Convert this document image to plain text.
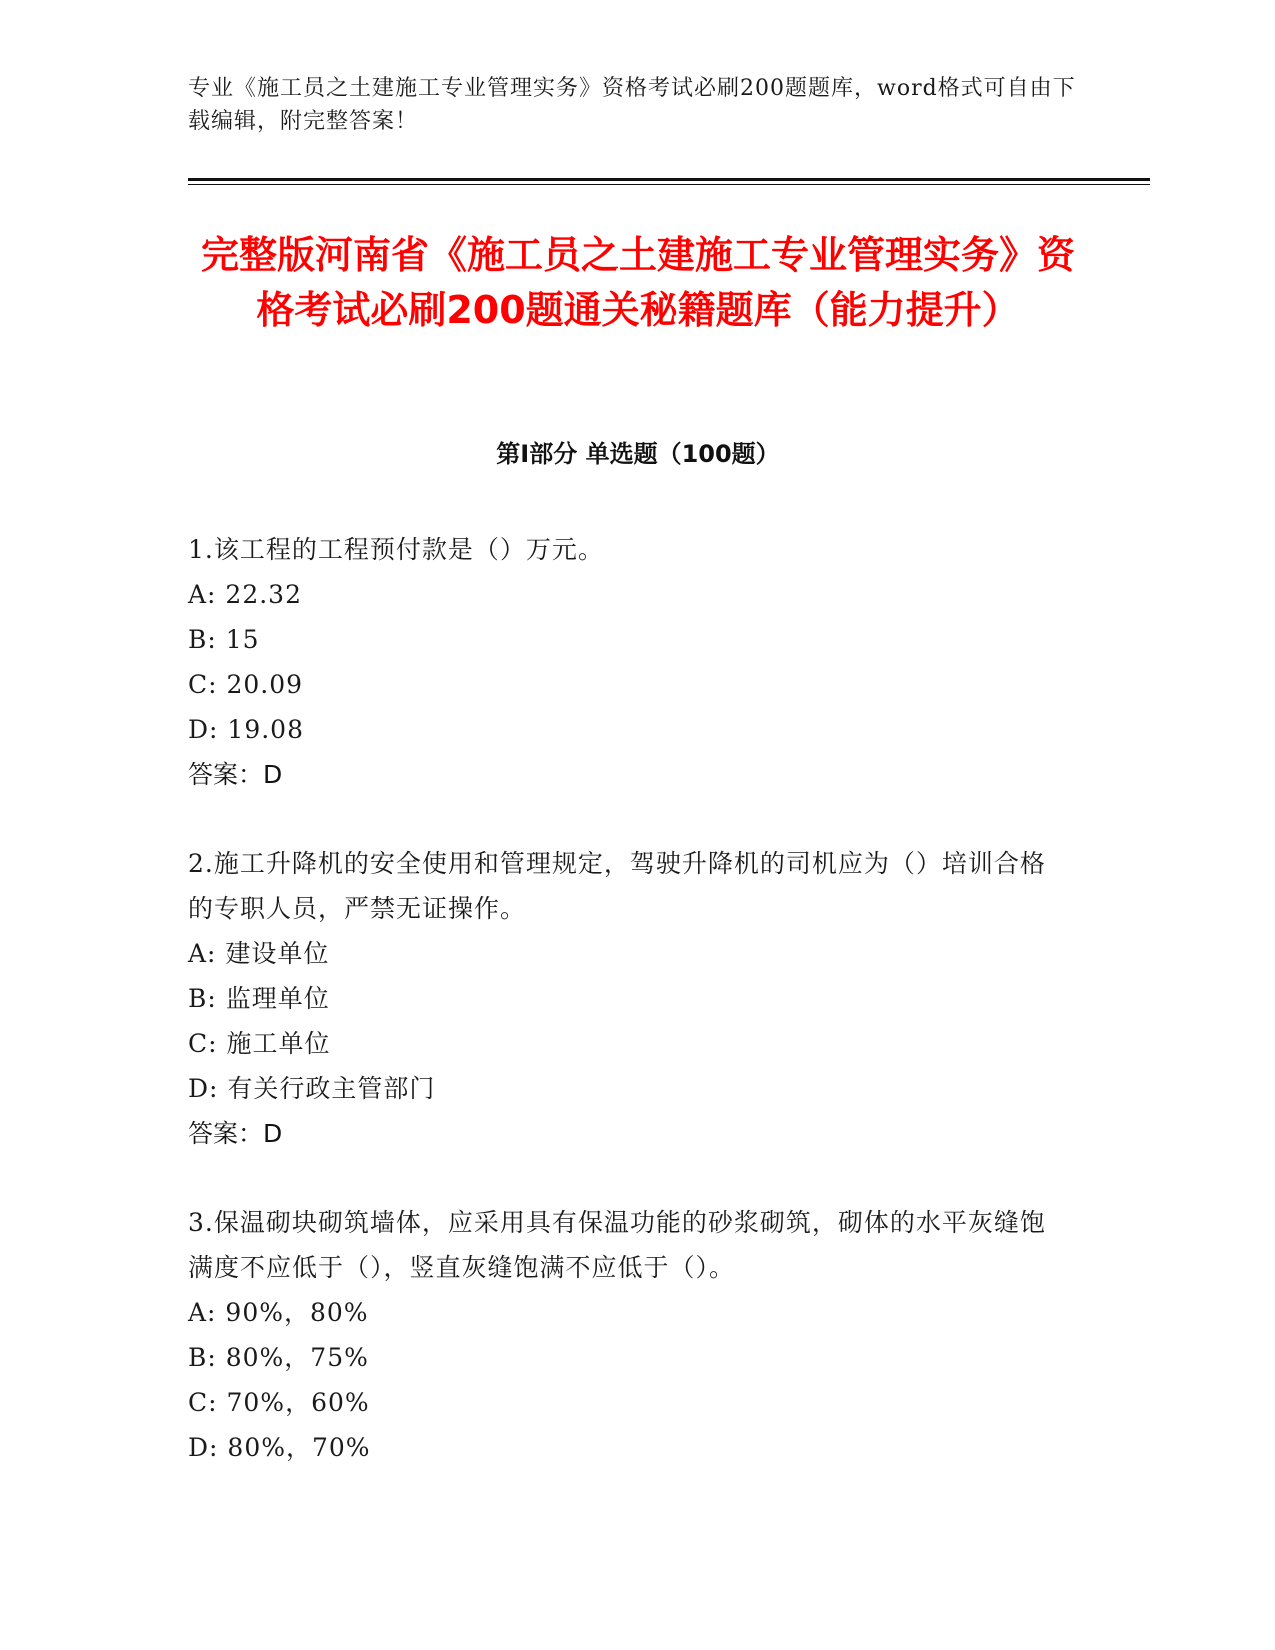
专业《施工员之土建施工专业管理实务》资格考试必刷200题题库，word格式可自由下载编辑，附完整答案！
完整版河南省《施工员之土建施工专业管理实务》资格考试必刷200题通关秘籍题库（能力提升）
第I部分 单选题（100题）
1.该工程的工程预付款是（）万元。
A: 22.32
B: 15
C: 20.09
D: 19.08
答案：D
2.施工升降机的安全使用和管理规定，驾驶升降机的司机应为（）培训合格的专职人员，严禁无证操作。
A: 建设单位
B: 监理单位
C: 施工单位
D: 有关行政主管部门
答案：D
3.保温砌块砌筑墙体，应采用具有保温功能的砂浆砌筑，砌体的水平灰缝饱满度不应低于（），竖直灰缝饱满不应低于（）。
A: 90%，80%
B: 80%，75%
C: 70%，60%
D: 80%，70%
